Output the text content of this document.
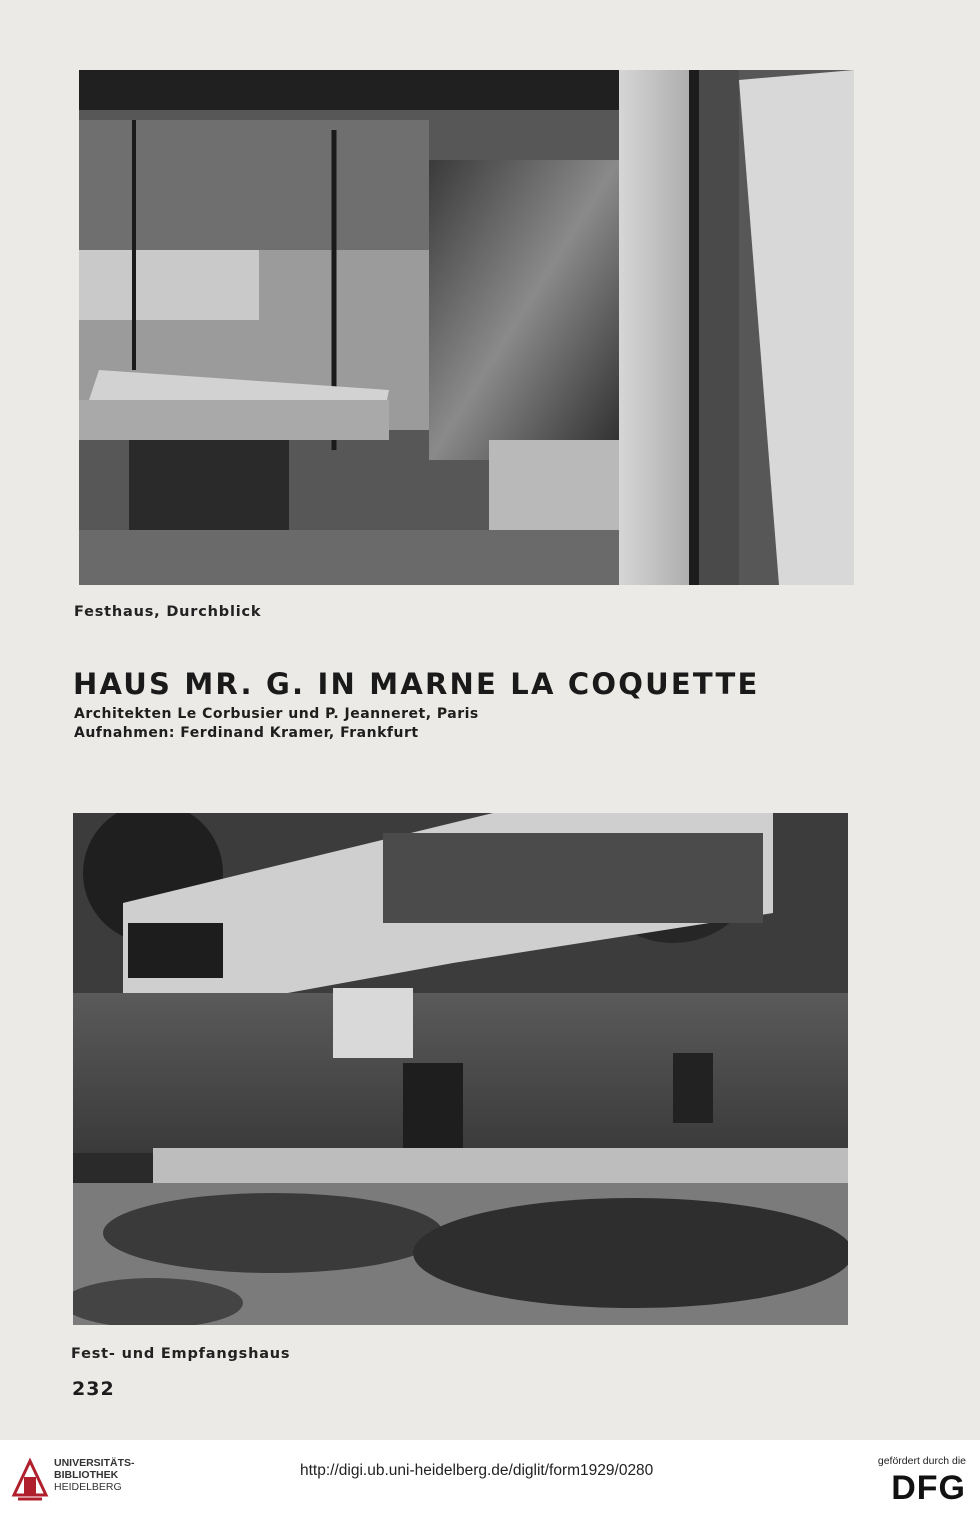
Festhaus, Durchblick
HAUS MR. G. IN MARNE LA COQUETTE
Architekten Le Corbusier und P. Jeanneret, Paris
Aufnahmen: Ferdinand Kramer, Frankfurt
Fest- und Empfangshaus
232
UNIVERSITÄTS-
BIBLIOTHEK
HEIDELBERG
http://digi.ub.uni-heidelberg.de/diglit/form1929/0280
gefördert durch die
DFG
